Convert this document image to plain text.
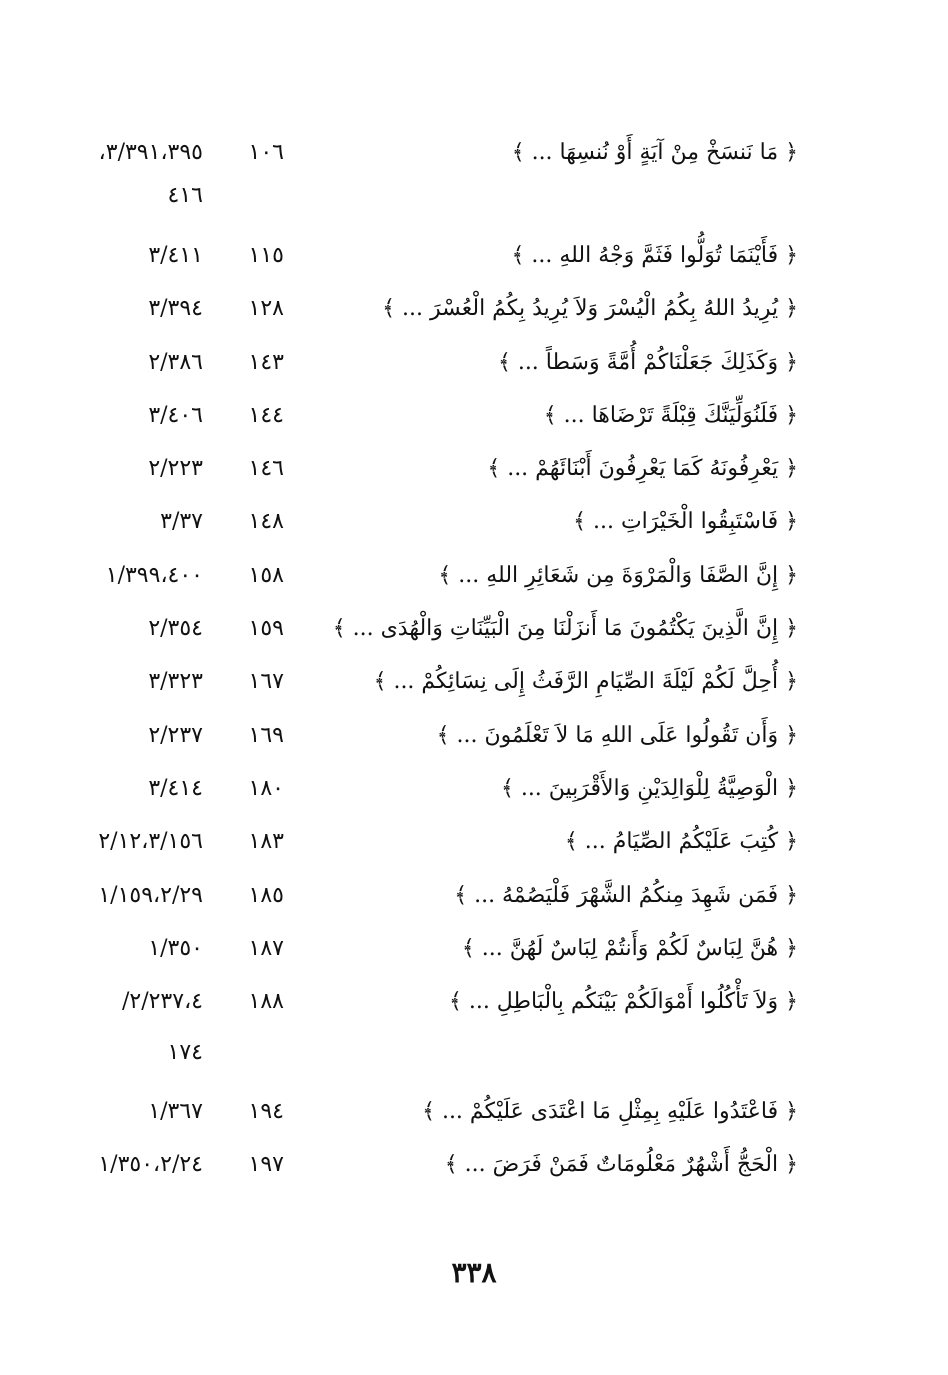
﴿ مَا نَنسَخْ مِنْ آيَةٍ أَوْ نُنسِهَا ... ﴾
١٠٦
٣/٣٩١،٣٩٥،
٤١٦
﴿ فَأَيْنَمَا تُوَلُّوا فَثَمَّ وَجْهُ اللهِ ... ﴾
١١٥
٣/٤١١
﴿ يُرِيدُ اللهُ بِكُمُ الْيُسْرَ وَلاَ يُرِيدُ بِكُمُ الْعُسْرَ ... ﴾
١٢٨
٣/٣٩٤
﴿ وَكَذَلِكَ جَعَلْنَاكُمْ أُمَّةً وَسَطاً ... ﴾
١٤٣
٢/٣٨٦
﴿ فَلَنُوَلِّيَنَّكَ قِبْلَةً تَرْضَاهَا ... ﴾
١٤٤
٣/٤٠٦
﴿ يَعْرِفُونَهُ كَمَا يَعْرِفُونَ أَبْنَائَهُمْ ... ﴾
١٤٦
٢/٢٢٣
﴿ فَاسْتَبِقُوا الْخَيْرَاتِ ... ﴾
١٤٨
٣/٣٧
﴿ إِنَّ الصَّفَا وَالْمَرْوَةَ مِن شَعَائِرِ اللهِ ... ﴾
١٥٨
١/٣٩٩،٤٠٠
﴿ إِنَّ الَّذِينَ يَكْتُمُونَ مَا أَنزَلْنَا مِنَ الْبَيِّنَاتِ وَالْهُدَى ... ﴾
١٥٩
٢/٣٥٤
﴿ أُحِلَّ لَكُمْ لَيْلَةَ الصِّيَامِ الرَّفَثُ إِلَى نِسَائِكُمْ ... ﴾
١٦٧
٣/٣٢٣
﴿ وَأَن تَقُولُوا عَلَى اللهِ مَا لاَ تَعْلَمُونَ ... ﴾
١٦٩
٢/٢٣٧
﴿ الْوَصِيَّةُ لِلْوَالِدَيْنِ وَالأَقْرَبِينَ ... ﴾
١٨٠
٣/٤١٤
﴿ كُتِبَ عَلَيْكُمُ الصِّيَامُ ... ﴾
١٨٣
٢/١٢،٣/١٥٦
﴿ فَمَن شَهِدَ مِنكُمُ الشَّهْرَ فَلْيَصُمْهُ ... ﴾
١٨٥
١/١٥٩،٢/٢٩
﴿ هُنَّ لِبَاسٌ لَكُمْ وَأَنتُمْ لِبَاسٌ لَهُنَّ ... ﴾
١٨٧
١/٣٥٠
﴿ وَلاَ تَأْكُلُوا أَمْوَالَكُمْ بَيْنَكُم بِالْبَاطِلِ ... ﴾
١٨٨
٢/٢٣٧،٤/
١٧٤
﴿ فَاعْتَدُوا عَلَيْهِ بِمِثْلِ مَا اعْتَدَى عَلَيْكُمْ ... ﴾
١٩٤
١/٣٦٧
﴿ الْحَجُّ أَشْهُرٌ مَعْلُومَاتٌ فَمَنْ فَرَضَ ... ﴾
١٩٧
١/٣٥٠،٢/٢٤
٣٣٨
